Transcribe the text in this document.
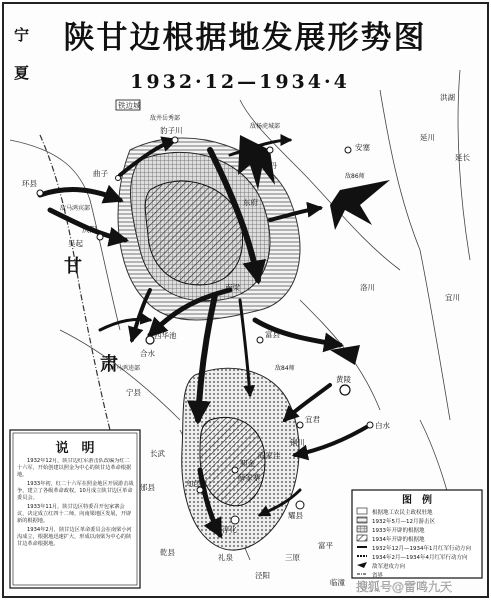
陕甘边根据地发展形势图
1932·12—1934·4
宁
夏
甘
肃
铁边城
豹子川
安塞
洪湖
延长
延川
宜川
洛川
志丹
环县
曲子
庆阳
吴起
合水
宁县
西华池
南梁
东府
富县
黄陵
宜君
白水
铜川
照金
薛家寨
阎家洼
旬邑
耀县
淳化
邠县
长武
富平
三原
泾阳
礼泉
乾县
临潼
敌杨虎城部
敌马鸿宾部
敌86师
敌井岳秀部
敌84师
敌马鸿逵部
说　明

1932年12月，陕甘边红军游击队改编为红二十六军，开始创建以照金为中心的陕甘边革命根据地。

1933年初，红二十六军在照金地区开展游击战争，建立了各级革命政权，10月成立陕甘边区革命委员会。

1933年11月，陕甘边区特委召开包家寨会议，决定成立红四十二师，向南梁地区发展，开辟新的根据地。

1934年2月，陕甘边区革命委员会在南梁小河沟成立，根据地迅速扩大，形成以南梁为中心的陕甘边革命根据地。

图　例
根据地工农民主政权驻地
1932年5月—12月游击区
1933年开辟的根据地
1934年开辟的根据地
1932年12月—1934年1月红军行动方向
1934年2月—1934年4月红军行动方向
敌军进攻方向
省界
搜狐号@雷鸣九天
